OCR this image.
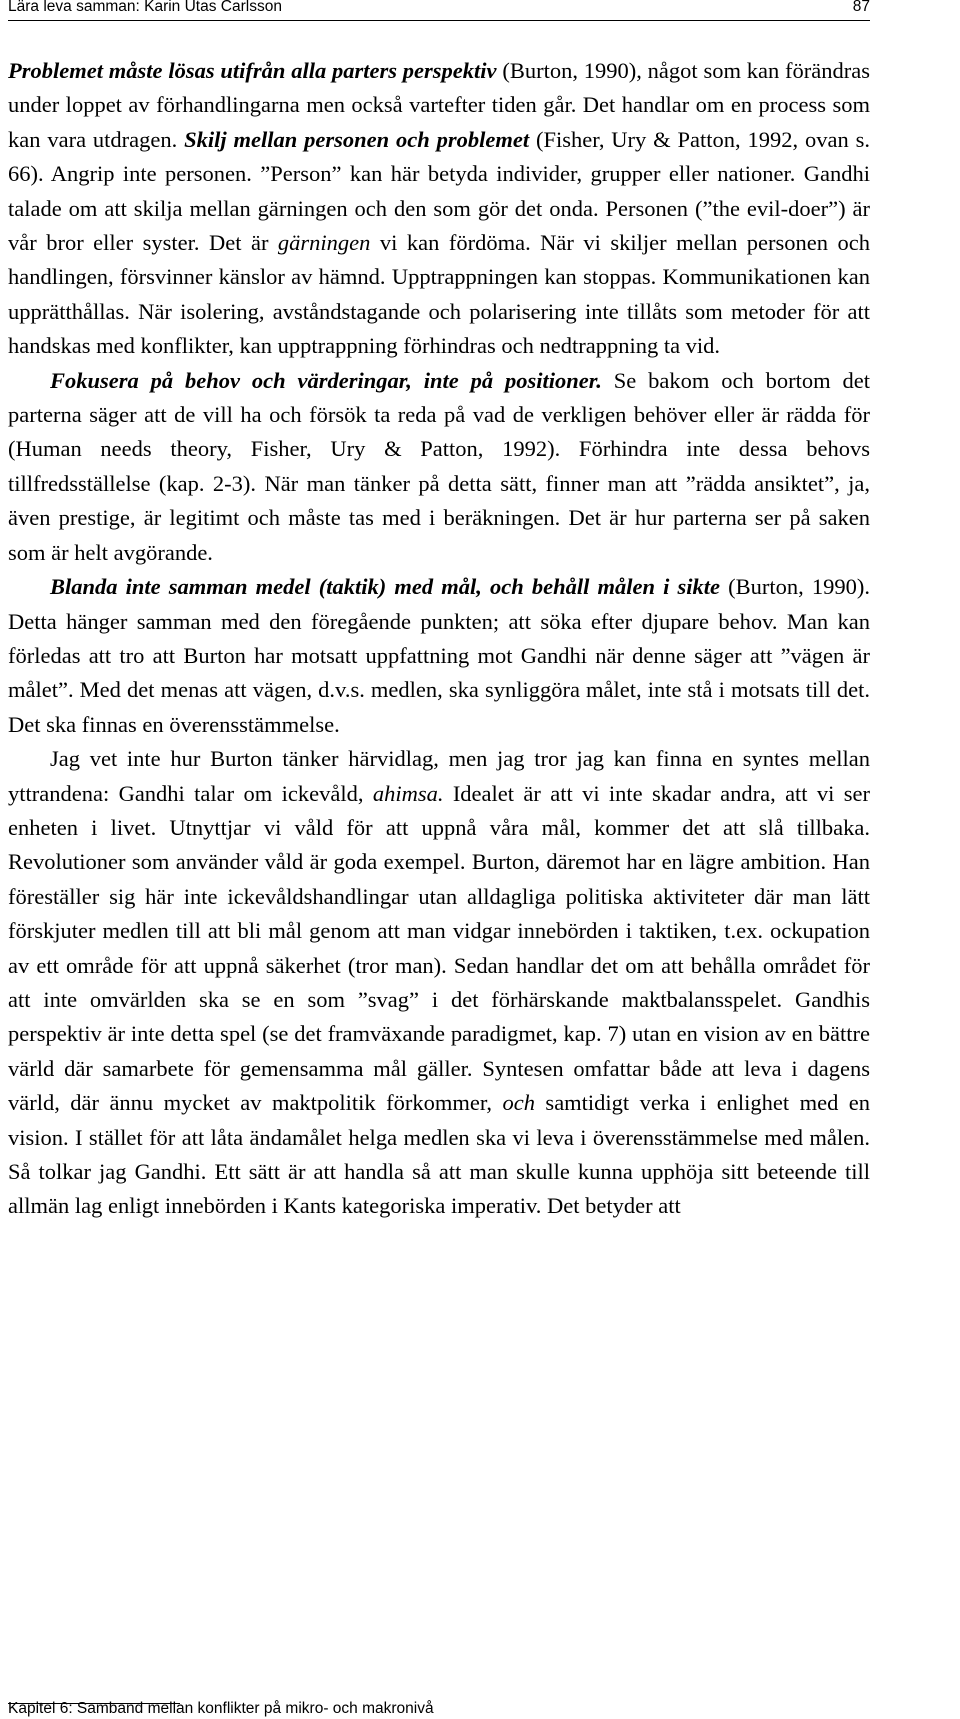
Lära leva samman: Karin Utas Carlsson	87

Problemet måste lösas utifrån alla parters perspektiv (Burton, 1990), något som kan förändras under loppet av förhandlingarna men också vartefter tiden går. Det handlar om en process som kan vara utdragen. Skilj mellan personen och problemet (Fisher, Ury & Patton, 1992, ovan s. 66). Angrip inte personen. ”Person” kan här betyda individer, grupper eller nationer. Gandhi talade om att skilja mellan gärningen och den som gör det onda. Personen (”the evil-doer”) är vår bror eller syster. Det är gärningen vi kan fördöma. När vi skiljer mellan personen och handlingen, försvinner känslor av hämnd. Upptrappningen kan stoppas. Kommunikationen kan upprätthållas. När isolering, avståndstagande och polarisering inte tillåts som metoder för att handskas med konflikter, kan upptrappning förhindras och nedtrappning ta vid.

Fokusera på behov och värderingar, inte på positioner. Se bakom och bortom det parterna säger att de vill ha och försök ta reda på vad de verkligen behöver eller är rädda för (Human needs theory, Fisher, Ury & Patton, 1992). Förhindra inte dessa behovs tillfredsställelse (kap. 2-3). När man tänker på detta sätt, finner man att ”rädda ansiktet”, ja, även prestige, är legitimt och måste tas med i beräkningen. Det är hur parterna ser på saken som är helt avgörande.

Blanda inte samman medel (taktik) med mål, och behåll målen i sikte (Burton, 1990). Detta hänger samman med den föregående punkten; att söka efter djupare behov. Man kan förledas att tro att Burton har motsatt uppfattning mot Gandhi när denne säger att ”vägen är målet”. Med det menas att vägen, d.v.s. medlen, ska synliggöra målet, inte stå i motsats till det. Det ska finnas en överensstämmelse.

Jag vet inte hur Burton tänker härvidlag, men jag tror jag kan finna en syntes mellan yttrandena: Gandhi talar om ickevåld, ahimsa. Idealet är att vi inte skadar andra, att vi ser enheten i livet. Utnyttjar vi våld för att uppnå våra mål, kommer det att slå tillbaka. Revolutioner som använder våld är goda exempel. Burton, däremot har en lägre ambition. Han föreställer sig här inte ickevåldshandlingar utan alldagliga politiska aktiviteter där man lätt förskjuter medlen till att bli mål genom att man vidgar innebörden i taktiken, t.ex. ockupation av ett område för att uppnå säkerhet (tror man). Sedan handlar det om att behålla området för att inte omvärlden ska se en som ”svag” i det förhärskande maktbalansspelet. Gandhis perspektiv är inte detta spel (se det framväxande paradigmet, kap. 7) utan en vision av en bättre värld där samarbete för gemensamma mål gäller. Syntesen omfattar både att leva i dagens värld, där ännu mycket av maktpolitik förkommer, och samtidigt verka i enlighet med en vision. I stället för att låta ändamålet helga medlen ska vi leva i överensstämmelse med målen. Så tolkar jag Gandhi. Ett sätt är att handla så att man skulle kunna upphöja sitt beteende till allmän lag enligt innebörden i Kants kategoriska imperativ. Det betyder att

Kapitel 6: Samband mellan konflikter på mikro- och makronivå
